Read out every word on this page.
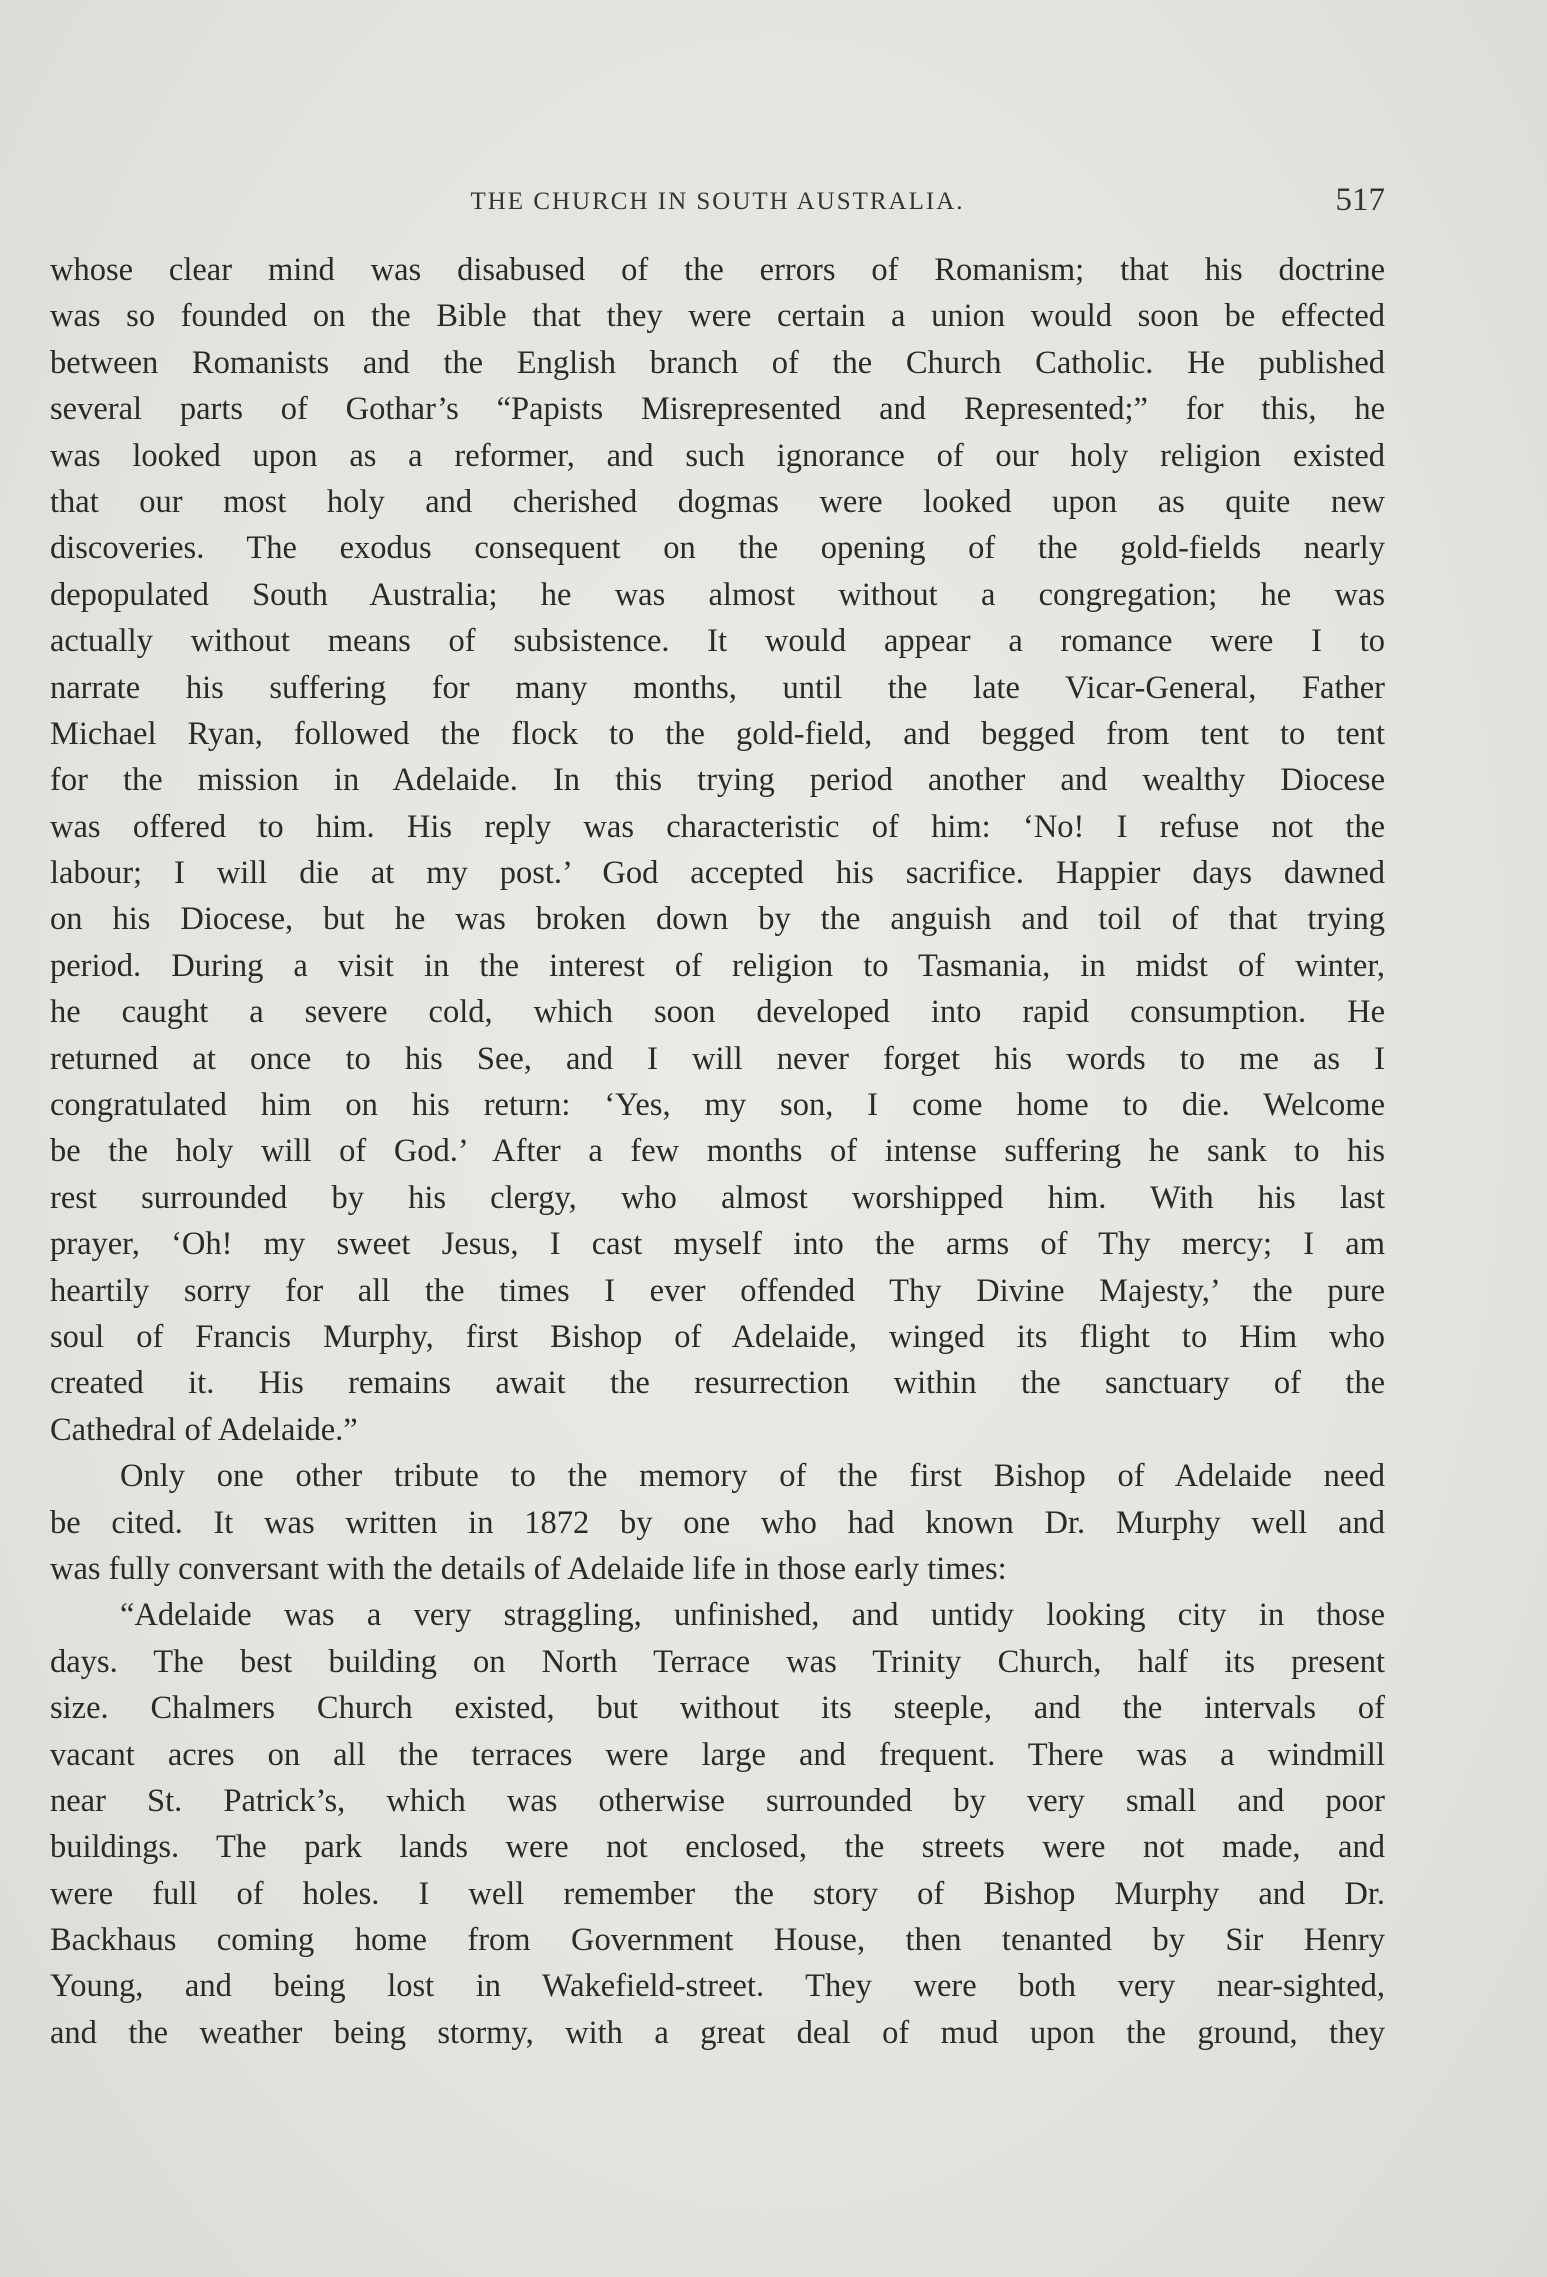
THE CHURCH IN SOUTH AUSTRALIA.	517
whose clear mind was disabused of the errors of Romanism; that his doctrine
was so founded on the Bible that they were certain a union would soon be effected
between Romanists and the English branch of the Church Catholic. He published
several parts of Gothar’s “Papists Misrepresented and Represented;” for this, he
was looked upon as a reformer, and such ignorance of our holy religion existed
that our most holy and cherished dogmas were looked upon as quite new
discoveries. The exodus consequent on the opening of the gold-fields nearly
depopulated South Australia; he was almost without a congregation; he was
actually without means of subsistence. It would appear a romance were I to
narrate his suffering for many months, until the late Vicar-General, Father
Michael Ryan, followed the flock to the gold-field, and begged from tent to tent
for the mission in Adelaide. In this trying period another and wealthy Diocese
was offered to him. His reply was characteristic of him: ‘No! I refuse not the
labour; I will die at my post.’ God accepted his sacrifice. Happier days dawned
on his Diocese, but he was broken down by the anguish and toil of that trying
period. During a visit in the interest of religion to Tasmania, in midst of winter,
he caught a severe cold, which soon developed into rapid consumption. He
returned at once to his See, and I will never forget his words to me as I
congratulated him on his return: ‘Yes, my son, I come home to die. Welcome
be the holy will of God.’ After a few months of intense suffering he sank to his
rest surrounded by his clergy, who almost worshipped him. With his last
prayer, ‘Oh! my sweet Jesus, I cast myself into the arms of Thy mercy; I am
heartily sorry for all the times I ever offended Thy Divine Majesty,’ the pure
soul of Francis Murphy, first Bishop of Adelaide, winged its flight to Him who
created it. His remains await the resurrection within the sanctuary of the
Cathedral of Adelaide.”
Only one other tribute to the memory of the first Bishop of Adelaide need
be cited. It was written in 1872 by one who had known Dr. Murphy well and
was fully conversant with the details of Adelaide life in those early times:
“Adelaide was a very straggling, unfinished, and untidy looking city in those
days. The best building on North Terrace was Trinity Church, half its present
size. Chalmers Church existed, but without its steeple, and the intervals of
vacant acres on all the terraces were large and frequent. There was a windmill
near St. Patrick’s, which was otherwise surrounded by very small and poor
buildings. The park lands were not enclosed, the streets were not made, and
were full of holes. I well remember the story of Bishop Murphy and Dr.
Backhaus coming home from Government House, then tenanted by Sir Henry
Young, and being lost in Wakefield-street. They were both very near-sighted,
and the weather being stormy, with a great deal of mud upon the ground, they
